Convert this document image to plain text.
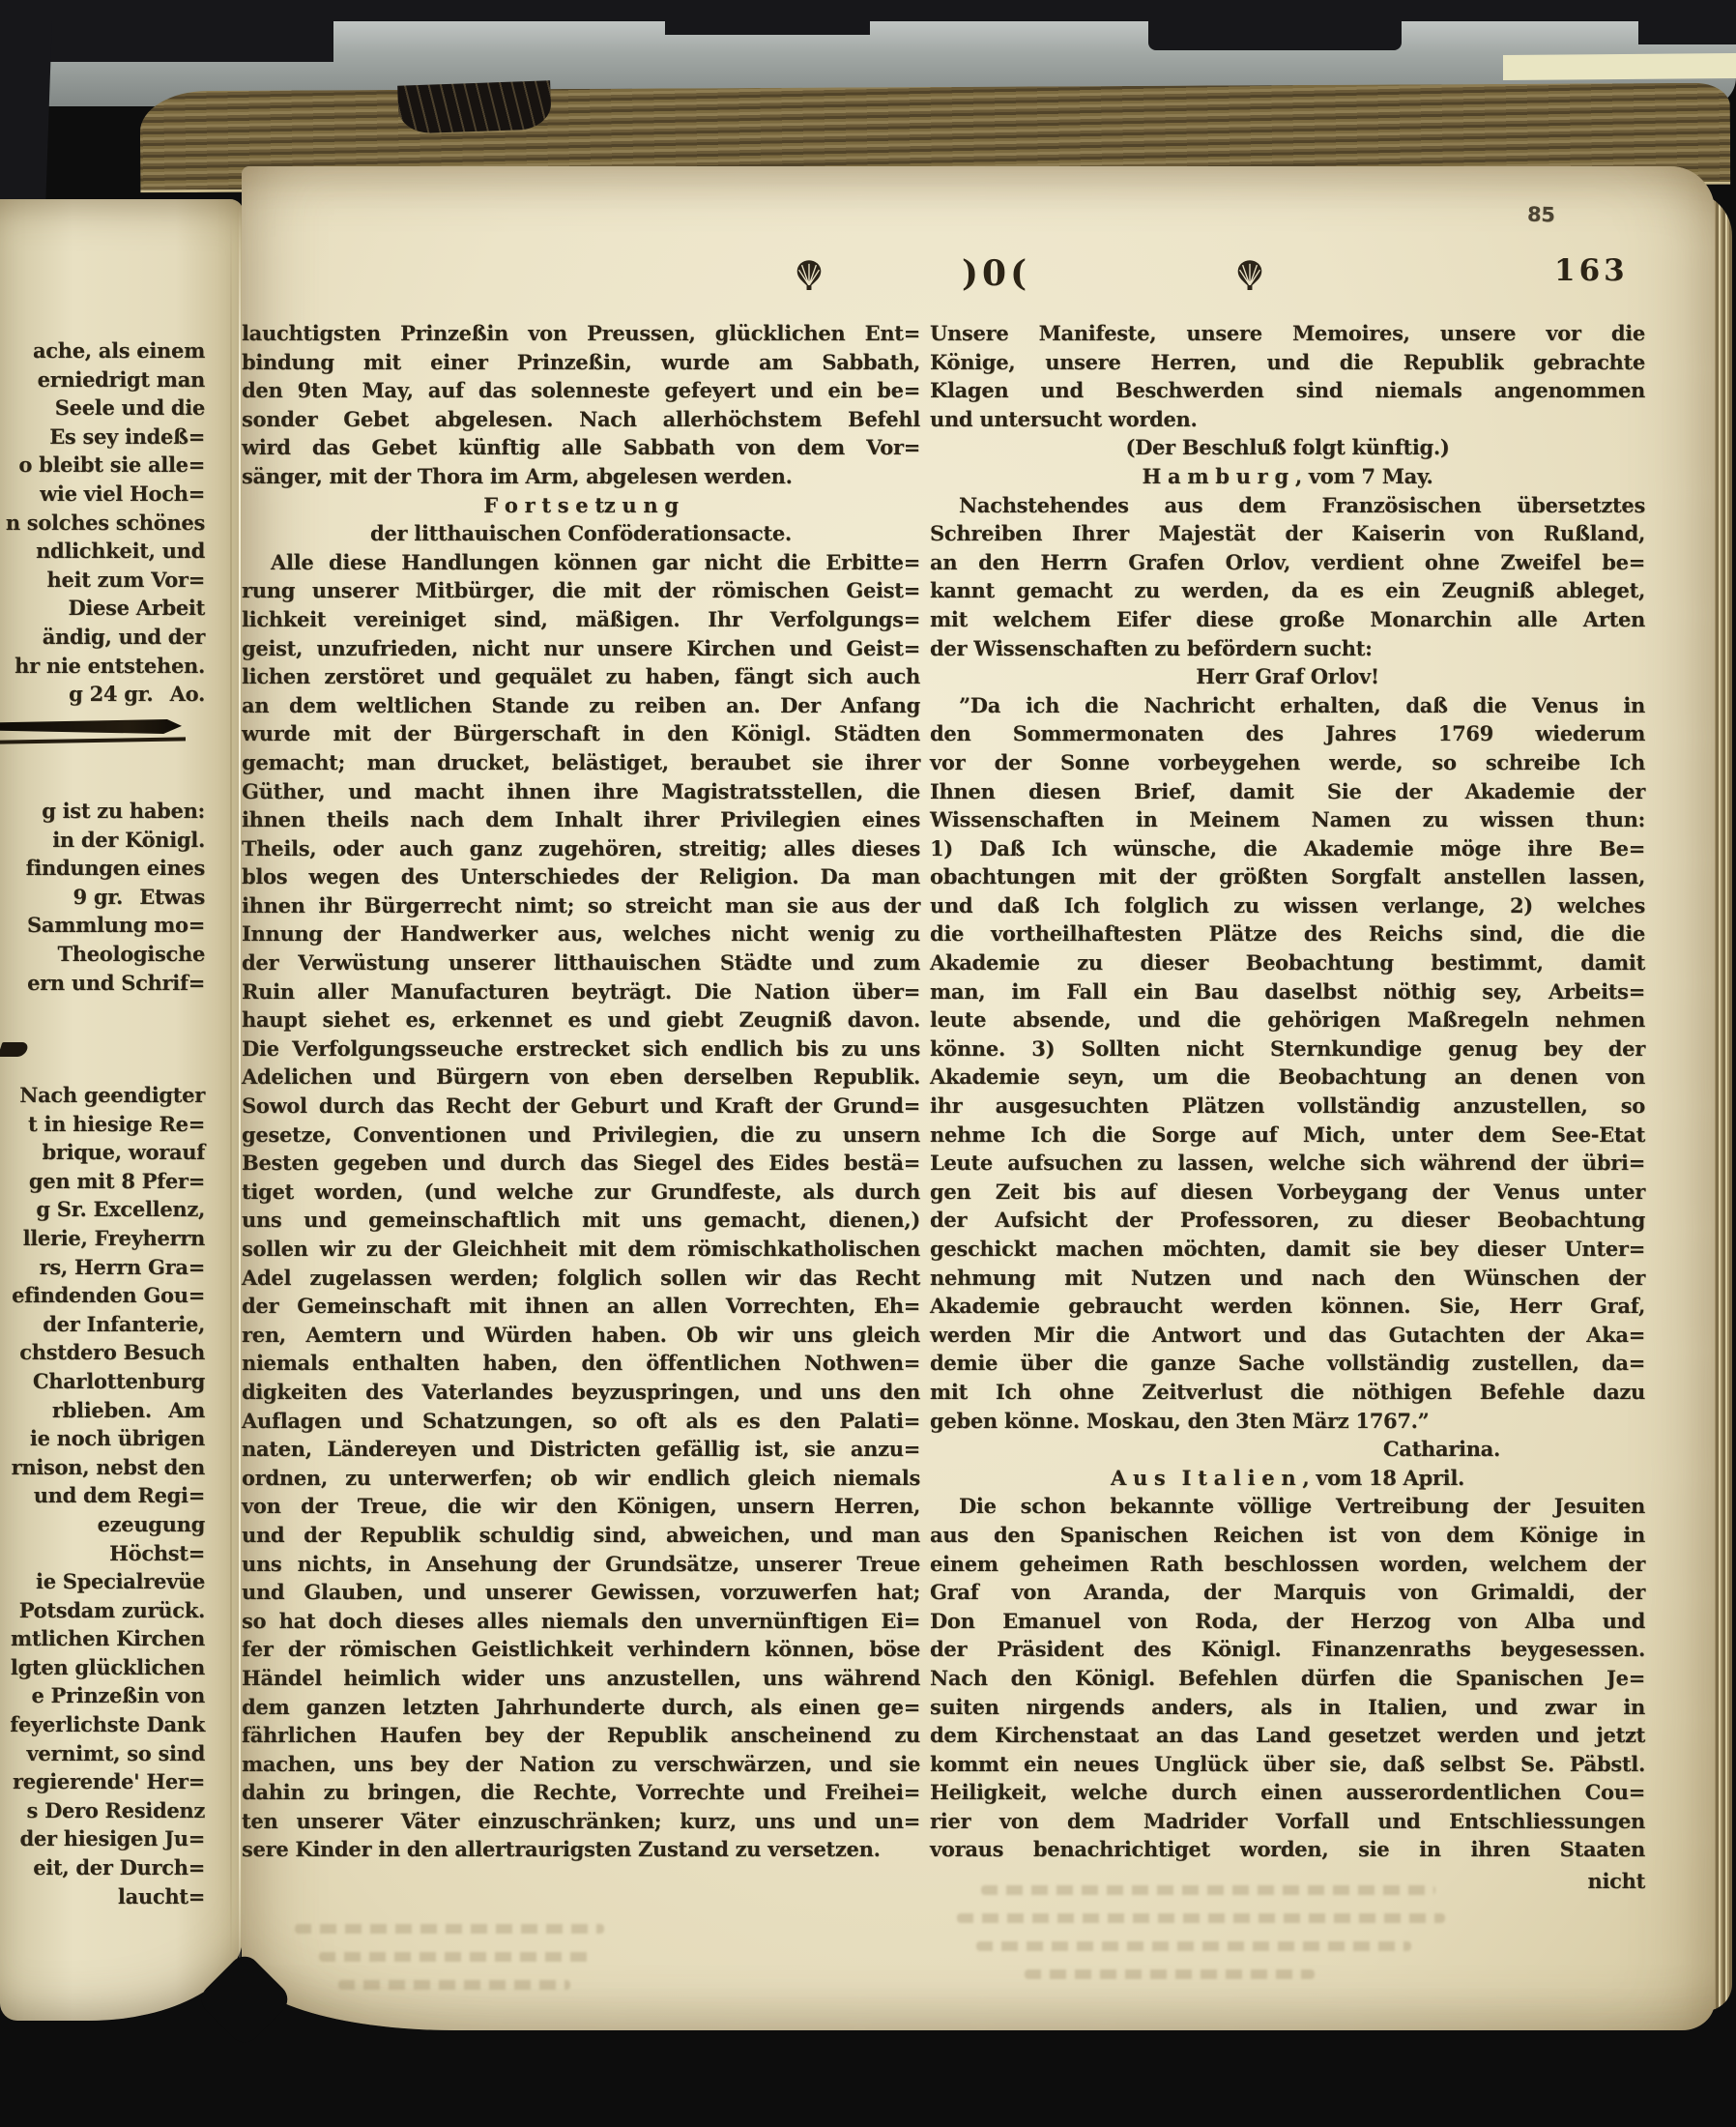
85
)0(	163
ache, als einem
erniedrigt man
Seele und die
Es sey indeß=
o bleibt sie alle=
wie viel Hoch=
n solches schönes
ndlichkeit, und
heit zum Vor=
Diese Arbeit
ändig, und der
hr nie entstehen.
g 24 gr.  Ao.
g ist zu haben:
in der Königl.
findungen eines
9 gr.  Etwas
Sammlung mo=
Theologische
ern und Schrif=
Nach geendigter
t in hiesige Re=
brique, worauf
gen mit 8 Pfer=
g Sr. Excellenz,
llerie, Freyherrn
rs, Herrn Gra=
efindenden Gou=
der Infanterie,
chstdero Besuch
Charlottenburg
rblieben.  Am
ie noch übrigen
rnison, nebst den
und dem Regi=
ezeugung Höchst=
ie Specialrevüe
Potsdam zurück.
mtlichen Kirchen
lgten glücklichen
e Prinzeßin von
feyerlichste Dank
vernimt, so sind
regierende' Her=
s Dero Residenz
der hiesigen Ju=
eit, der Durch=
laucht=
lauchtigsten Prinzeßin von Preussen, glücklichen Ent=
bindung mit einer Prinzeßin, wurde am Sabbath,
den 9ten May, auf das solenneste gefeyert und ein be=
sonder Gebet abgelesen. Nach allerhöchstem Befehl
wird das Gebet künftig alle Sabbath von dem Vor=
sänger, mit der Thora im Arm, abgelesen werden.
F o r t s e tz u n g
der litthauischen Conföderationsacte.
Alle diese Handlungen können gar nicht die Erbitte=
rung unserer Mitbürger, die mit der römischen Geist=
lichkeit vereiniget sind, mäßigen. Ihr Verfolgungs=
geist, unzufrieden, nicht nur unsere Kirchen und Geist=
lichen zerstöret und gequälet zu haben, fängt sich auch
an dem weltlichen Stande zu reiben an. Der Anfang
wurde mit der Bürgerschaft in den Königl. Städten
gemacht; man drucket, belästiget, beraubet sie ihrer
Güther, und macht ihnen ihre Magistratsstellen, die
ihnen theils nach dem Inhalt ihrer Privilegien eines
Theils, oder auch ganz zugehören, streitig; alles dieses
blos wegen des Unterschiedes der Religion. Da man
ihnen ihr Bürgerrecht nimt; so streicht man sie aus der
Innung der Handwerker aus, welches nicht wenig zu
der Verwüstung unserer litthauischen Städte und zum
Ruin aller Manufacturen beyträgt. Die Nation über=
haupt siehet es, erkennet es und giebt Zeugniß davon.
Die Verfolgungsseuche erstrecket sich endlich bis zu uns
Adelichen und Bürgern von eben derselben Republik.
Sowol durch das Recht der Geburt und Kraft der Grund=
gesetze, Conventionen und Privilegien, die zu unsern
Besten gegeben und durch das Siegel des Eides bestä=
tiget worden, (und welche zur Grundfeste, als durch
uns und gemeinschaftlich mit uns gemacht, dienen,)
sollen wir zu der Gleichheit mit dem römischkatholischen
Adel zugelassen werden; folglich sollen wir das Recht
der Gemeinschaft mit ihnen an allen Vorrechten, Eh=
ren, Aemtern und Würden haben. Ob wir uns gleich
niemals enthalten haben, den öffentlichen Nothwen=
digkeiten des Vaterlandes beyzuspringen, und uns den
Auflagen und Schatzungen, so oft als es den Palati=
naten, Ländereyen und Districten gefällig ist, sie anzu=
ordnen, zu unterwerfen; ob wir endlich gleich niemals
von der Treue, die wir den Königen, unsern Herren,
und der Republik schuldig sind, abweichen, und man
uns nichts, in Ansehung der Grundsätze, unserer Treue
und Glauben, und unserer Gewissen, vorzuwerfen hat;
so hat doch dieses alles niemals den unvernünftigen Ei=
fer der römischen Geistlichkeit verhindern können, böse
Händel heimlich wider uns anzustellen, uns während
dem ganzen letzten Jahrhunderte durch, als einen ge=
fährlichen Haufen bey der Republik anscheinend zu
machen, uns bey der Nation zu verschwärzen, und sie
dahin zu bringen, die Rechte, Vorrechte und Freihei=
ten unserer Väter einzuschränken; kurz, uns und un=
sere Kinder in den allertraurigsten Zustand zu versetzen.
Unsere Manifeste, unsere Memoires, unsere vor die
Könige, unsere Herren, und die Republik gebrachte
Klagen und Beschwerden sind niemals angenommen
und untersucht worden.
(Der Beschluß folgt künftig.)
H a m b u r g , vom 7 May.
Nachstehendes aus dem Französischen übersetztes
Schreiben Ihrer Majestät der Kaiserin von Rußland,
an den Herrn Grafen Orlov, verdient ohne Zweifel be=
kannt gemacht zu werden, da es ein Zeugniß ableget,
mit welchem Eifer diese große Monarchin alle Arten
der Wissenschaften zu befördern sucht:
Herr Graf Orlov!
”Da ich die Nachricht erhalten, daß die Venus in
den Sommermonaten des Jahres 1769 wiederum
vor der Sonne vorbeygehen werde, so schreibe Ich
Ihnen diesen Brief, damit Sie der Akademie der
Wissenschaften in Meinem Namen zu wissen thun:
1) Daß Ich wünsche, die Akademie möge ihre Be=
obachtungen mit der größten Sorgfalt anstellen lassen,
und daß Ich folglich zu wissen verlange, 2) welches
die vortheilhaftesten Plätze des Reichs sind, die die
Akademie zu dieser Beobachtung bestimmt, damit
man, im Fall ein Bau daselbst nöthig sey, Arbeits=
leute absende, und die gehörigen Maßregeln nehmen
könne. 3) Sollten nicht Sternkundige genug bey der
Akademie seyn, um die Beobachtung an denen von
ihr ausgesuchten Plätzen vollständig anzustellen, so
nehme Ich die Sorge auf Mich, unter dem See-Etat
Leute aufsuchen zu lassen, welche sich während der übri=
gen Zeit bis auf diesen Vorbeygang der Venus unter
der Aufsicht der Professoren, zu dieser Beobachtung
geschickt machen möchten, damit sie bey dieser Unter=
nehmung mit Nutzen und nach den Wünschen der
Akademie gebraucht werden können. Sie, Herr Graf,
werden Mir die Antwort und das Gutachten der Aka=
demie über die ganze Sache vollständig zustellen, da=
mit Ich ohne Zeitverlust die nöthigen Befehle dazu
geben könne. Moskau, den 3ten März 1767.”
Catharina.
A u s  I t a l i e n , vom 18 April.
Die schon bekannte völlige Vertreibung der Jesuiten
aus den Spanischen Reichen ist von dem Könige in
einem geheimen Rath beschlossen worden, welchem der
Graf von Aranda, der Marquis von Grimaldi, der
Don Emanuel von Roda, der Herzog von Alba und
der Präsident des Königl. Finanzenraths beygesessen.
Nach den Königl. Befehlen dürfen die Spanischen Je=
suiten nirgends anders, als in Italien, und zwar in
dem Kirchenstaat an das Land gesetzet werden und jetzt
kommt ein neues Unglück über sie, daß selbst Se. Päbstl.
Heiligkeit, welche durch einen ausserordentlichen Cou=
rier von dem Madrider Vorfall und Entschliessungen
voraus benachrichtiget worden, sie in ihren Staaten
nicht
